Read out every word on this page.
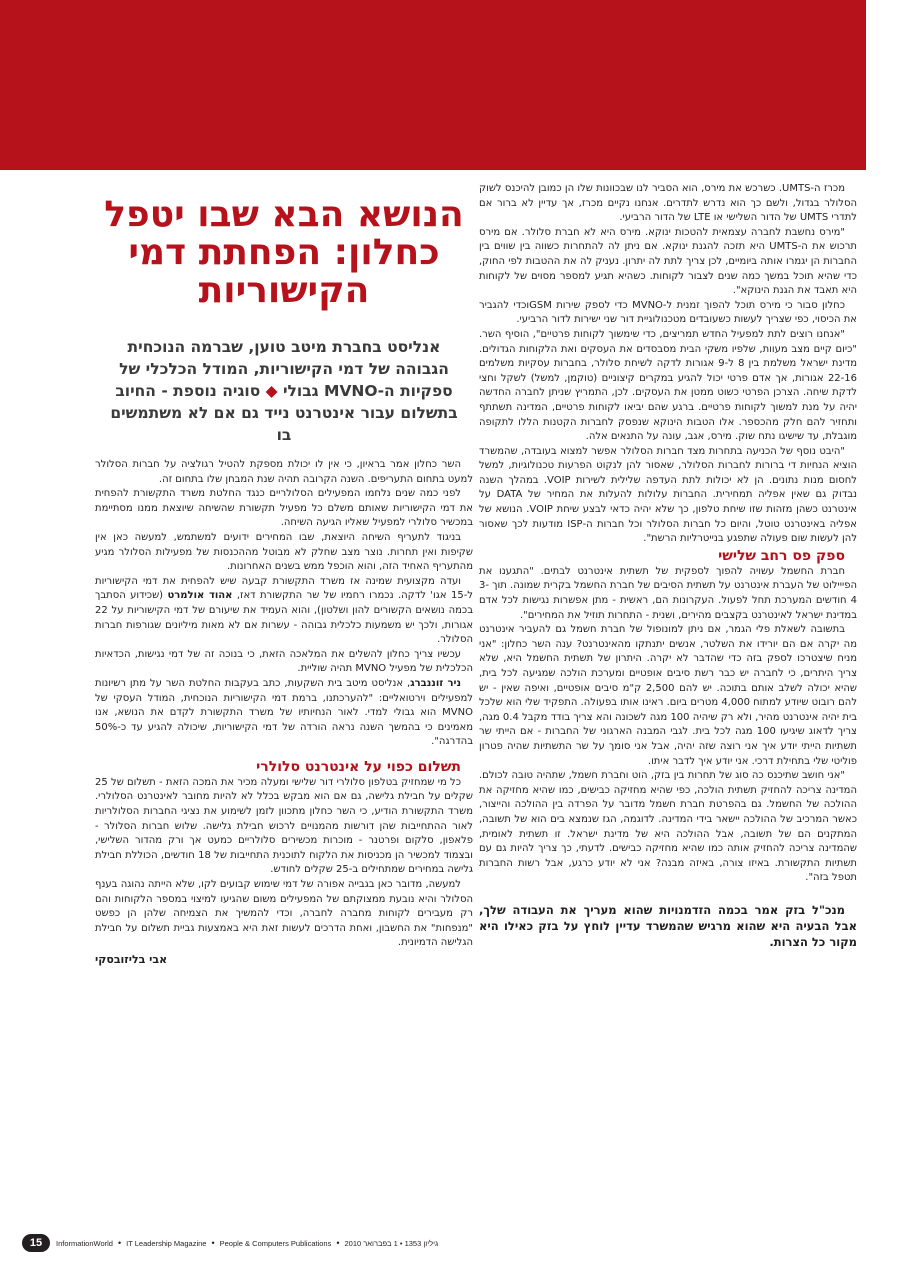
מכרז ה-UMTS. כשרכש את מירס, הוא הסביר לנו שבכוונות שלו הן כמובן להיכנס לשוק הסלולר בגדול, ולשם כך הוא נדרש לתדרים. אנחנו נקיים מכרז, אך עדיין לא ברור אם לתדרי UMTS של הדור השלישי או LTE של הדור הרביעי.

"מירס נחשבת לחברה עצמאית להטכות ינוקא. מירס היא לא חברת סלולר. אם מירס תרכוש את ה-UMTS היא תזכה להגנת ינוקא. אם ניתן לה להתחרות כשווה בין שווים בין החברות הן יגמרו אותה ביומיים, לכן צריך לתת לה יתרון. נעניק לה את ההטבות לפי החוק, כדי שהיא תוכל במשך כמה שנים לצבור לקוחות. כשהיא תגיע למספר מסוים של לקוחות היא תאבד את הגנת הינוקא".

כחלון סבור כי מירס תוכל להפוך זמנית ל-MVNO כדי לספק שירות GSMוכדי להגביר את הכיסוי, כפי שצריך לעשות כשעובדים מטכנולוגיית דור שני ישירות לדור הרביעי.

"אנחנו רוצים לתת למפעיל החדש תמריצים, כדי שימשוך לקוחות פרטיים", הוסיף השר. "כיום קיים מצב מעוות, שלפיו משקי הבית מסבסדים את העסקים ואת הלקוחות הגדולים. מדינת ישראל משלמת בין 8 ל-9 אגורות לדקה לשיחת סלולר, בחברות עסקיות משלמים 22-16 אגורות, אך אדם פרטי יכול להגיע במקרים קיצוניים (טוקמן, למשל) לשקל וחצי לדקת שיחה. הצרכן הפרטי כשוט ממטן את העסקים. לכן, התמריץ שניתן לחברה החדשה יהיה על מנת למשוך לקוחות פרטיים. ברגע שהם יביאו לקוחות פרטיים, המדינה תשתתף ותחזיר להם חלק מהכספר. אלו הטבות הינוקא שנפסק לחברות הקטנות הללו לתקופה מוגבלת, עד שישיגו נתח שוק. מירס, אגב, עונה על התנאים אלה.

"היבט נוסף של הכניעה בתחרות מצד חברות הסלולר אפשר למצוא בעובדה, שהמשרד הוציא הנחיות די ברורות לחברות הסלולר, שאסור להן לנקוט הפרעות טכנולוגיות, למשל לחסום מנות נתונים. הן לא יכולות לתת העדפה שלילית לשירות VOIP. במהלך השנה נבדוק גם שאין אפליה תמחירית. החברות עלולות להעלות את המחיר של DATA על אינטרנט כשהן מזהות שזו שיחת טלפון, כך שלא יהיה כדאי לבצע שיחת VOIP. הנושא של אפליה באינטרנט טוטל, והיום כל חברות הסלולר וכל חברות ה-ISP מודעות לכך שאסור להן לעשות שום פעולה שתפגע בנייטרליות הרשת".

ספק פס רחב שלישי

חברת החשמל עשויה להפוך לספקית של תשתית אינטרנט לבתים. "התגענו את הפייילוט של העברת אינטרנט על תשתית הסיבים של חברת החשמל בקרית שמונה. תוך 3-4 חודשים המערכת תחל לפעול. העקרונות הם, ראשית - מתן אפשרות נגישות לכל אדם במדינת ישראל לאינטרנט בקצבים מהירים, ושנית - התחרות תוזיל את המחירים".

בתשובה לשאלת פלי הגמר, אם ניתן למונופול של חברת חשמל גם להעביר אינטרנט מה יקרה אם הם יורידו את השלטר, אנשים יתנתקו מהאינטרנט? ענה השר כחלון: "אני מניח שיצטרכו לספק בזה כדי שהדבר לא יקרה. היתרון של תשתית החשמל היא, שלא צריך היתרים, כי לחברה יש כבר רשת סיבים אופטיים ומערכת הולכה שמגיעה לכל בית, שהיא יכולה לשלב אותם בתוכה. יש להם 2,500 ק"מ סיבים אופטיים, ואיפה שאין - יש להם רובוט שיודע למתוח 4,000 מטרים ביום. ראינו אותו בפעולה. התפקיד שלי הוא שלכל בית יהיה אינטרנט מהיר, ולא רק שיהיה 100 מגה לשכונה והא צריך בודד מקבל 0.4 מגה, צריך לדאוג שיגיעו 100 מגה לכל בית. לגבי המבנה הארגוני של החברות - אם הייתי שר תשתיות הייתי יודע איך אני רוצה שזה יהיה, אבל אני סומך על שר התשתיות שהיה פטרון פוליטי שלי בתחילת דרכי. אני יודע איך לדבר איתו.

"אני חושב שתיכנס כה סוג של תחרות בין בזק, הוט וחברת חשמל, שתהיה טובה לכולם. המדינה צריכה להחזיק תשתית הולכה, כפי שהיא מחזיקה כבישים, כמו שהיא מחזיקה את ההולכה של החשמל. גם בהפרטת חברת חשמל מדובר על הפרדה בין ההולכה והייצור, כאשר המרכיב של ההולכה יישאר בידי המדינה. לדוגמה, הגז שנמצא בים הוא של תשובה, המתקנים הם של תשובה, אבל ההולכה היא של מדינת ישראל. זו תשתית לאומית, שהמדינה צריכה להחזיק אותה כמו שהיא מחזיקה כבישים. לדעתי, כך צריך להיות גם עם תשתיות התקשורת. באיזו צורה, באיזה מבנה? אני לא יודע כרגע, אבל רשות החברות תטפל בזה".

מנכ"ל בזק אמר בכמה הזדמנויות שהוא מעריך את העבודה שלך, אבל הבעיה היא שהוא מרגיש שהמשרד עדיין לוחץ על בזק כאילו היא מקור כל הצרות.

הנושא הבא שבו יטפל כחלון: הפחתת דמי הקישוריות
אנליסט בחברת מיטב טוען, שברמה הנוכחית הגבוהה של דמי הקישוריות, המודל הכלכלי של ספקיות ה-MVNO גבולי ◆ סוגיה נוספת - החיוב בתשלום עבור אינטרנט נייד גם אם לא משתמשים בו

השר כחלון אמר בראיון, כי אין לו יכולת מספקת להטיל רגולציה על חברות הסלולר למעט בתחום התעריפים. השנה הקרובה תהיה שנת המבחן שלו בתחום זה.

לפני כמה שנים נלחמו המפעילים הסלולריים כנגד החלטת משרד התקשורת להפחית את דמי הקישוריות שאותם משלם כל מפעיל תקשורת שהשיחה שיוצאת ממנו מסתיימת במכשיר סלולרי למפעיל שאליו הגיעה השיחה.

בניגוד לתעריף השיחה היוצאת, שבו המחירים ידועים למשתמש, למעשה כאן אין שקיפות ואין תחרות. נוצר מצב שחלק לא מבוטל מההכנסות של מפעילות הסלולר מגיע מהתעריף האחיד הזה, והוא הוכפל ממש בשנים האחרונות.

ועדה מקצועית שמינה אז משרד התקשורת קבעה שיש להפחית את דמי הקישוריות ל-15 אגו' לדקה. נכמרו רחמיו של שר התקשורת דאז, אהוד אולמרט (שכידוע הסתבך בכמה נושאים הקשורים להון ושלטון), והוא העמיד את שיעורם של דמי הקישוריות על 22 אגורות, ולכך יש משמעות כלכלית גבוהה - עשרות אם לא מאות מיליונים שגורפות חברות הסלולר.

עכשיו צריך כחלון להשלים את המלאכה הזאת, כי בנוכה זה של דמי נגישות, הכדאיות הכלכלית של מפעיל MVNO תהיה שוליית.

ניר זוננברג, אנליסט מיטב בית השקעות, כתב בעקבות החלטת השר על מתן רשיונות למפעילים וירטואליים: "להערכתנו, ברמת דמי הקישוריות הנוכחית, המודל העסקי של MVNO הוא גבולי למדי. לאור הנחיותיו של משרד התקשורת לקדם את הנושא, אנו מאמינים כי בהמשך השנה נראה הורדה של דמי הקישוריות, שיכולה להגיע עד כ-50% בהדרגה".

תשלום כפוי על אינטרנט סלולרי

כל מי שמחזיק בטלפון סלולרי דור שלישי ומעלה מכיר את המכה הזאת - תשלום של 25 שקלים על חבילת גלישה, גם אם הוא מבקש בכלל לא להיות מחובר לאינטרנט הסלולרי. משרד התקשורת הודיע, כי השר כחלון מתכוון לזמן לשימוע את נציגי החברות הסלולריות לאור ההתחייבות שהן דורשות מהמנויים לרכוש חבילת גלישה. שלוש חברות הסלולר - פלאפון, סלקום ופרטנר - מוכרות מכשירים סלולריים כמעט אך ורק מהדור השלישי, ובצמוד למכשיר הן מכניסות את הלקוח לתוכנית התחייבות של 18 חודשים, הכוללת חבילת גלישה במחירים שמתחילים ב-25 שקלים לחודש.

למעשה, מדובר כאן בגבייה אפורה של דמי שימוש קבועים לקו, שלא הייתה נהוגה בענף הסלולר והיא נובעת ממצוקתם של המפעילים משום שהגיעו למיצוי במספר הלקוחות והם רק מעבירים לקוחות מחברה לחברה, וכדי להמשיך את הצמיחה שלהן הן כפשט "מנפחות" את החשבון, ואחת הדרכים לעשות זאת היא באמצעות גביית תשלום על חבילת הגלישה הדמיונית.

אבי בליזובסקי

15	InformationWorld • IT Leadership Magazine • People & Computers Publications • גיליון 1353 • 1 בפברואר 2010
